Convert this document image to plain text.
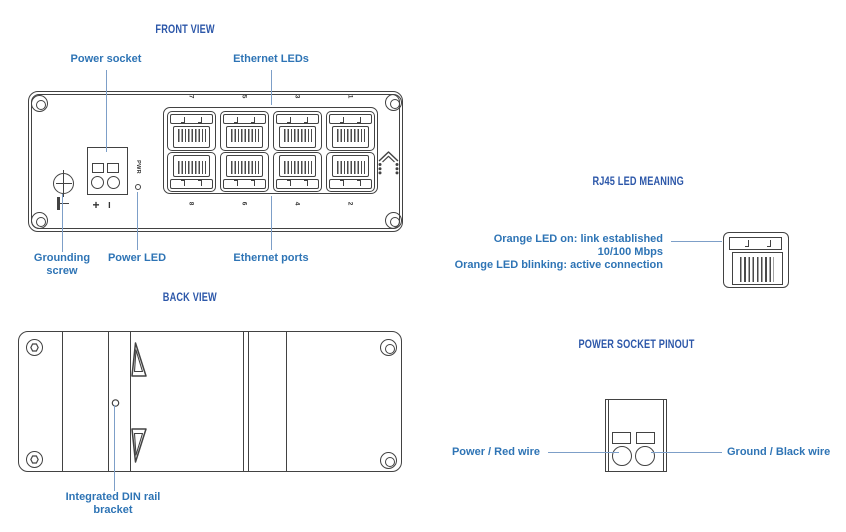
FRONT VIEW
Power socket	Ethernet LEDs
Grounding screw
Power LED	Ethernet ports
+ −
PWR
7	5	3	1
8	6	4	2
BACK VIEW
Integrated DIN rail bracket
RJ45 LED MEANING
Orange LED on: link established
10/100 Mbps
Orange LED blinking: active connection
POWER SOCKET PINOUT
Power / Red wire	Ground / Black wire
